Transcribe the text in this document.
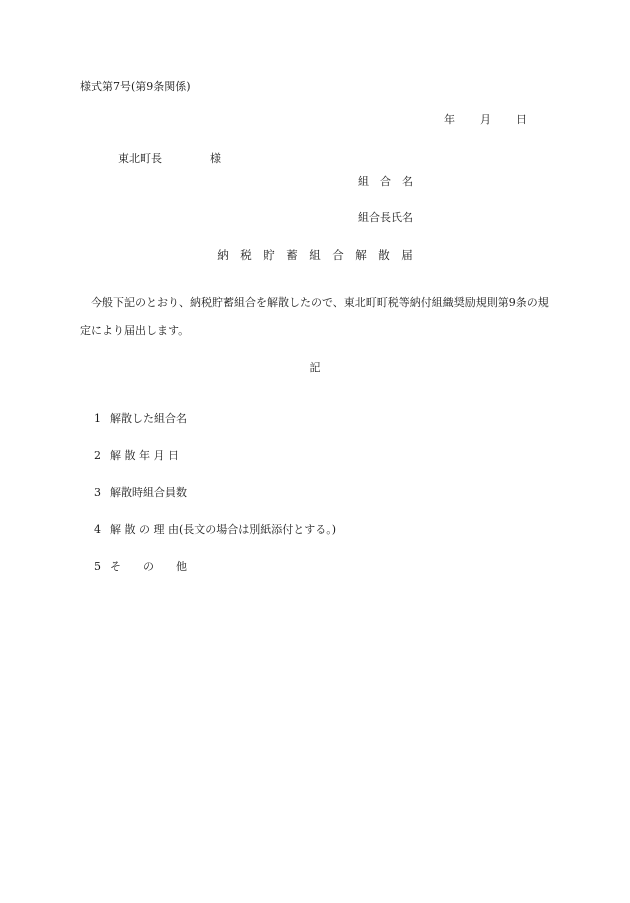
様式第7号(第9条関係)

年 月 日

東北町長	様

組　合　名
組合長氏名
納　税　貯　蓄　組　合　解　散　届
今般下記のとおり、納税貯蓄組合を解散したので、東北町町税等納付組織奨励規則第9条の規定により届出します。
記

1 解散した組合名

2 解 散 年 月 日

3 解散時組合員数

4 解 散 の 理 由(長文の場合は別紙添付とする。)

5 そ　　の　　他
